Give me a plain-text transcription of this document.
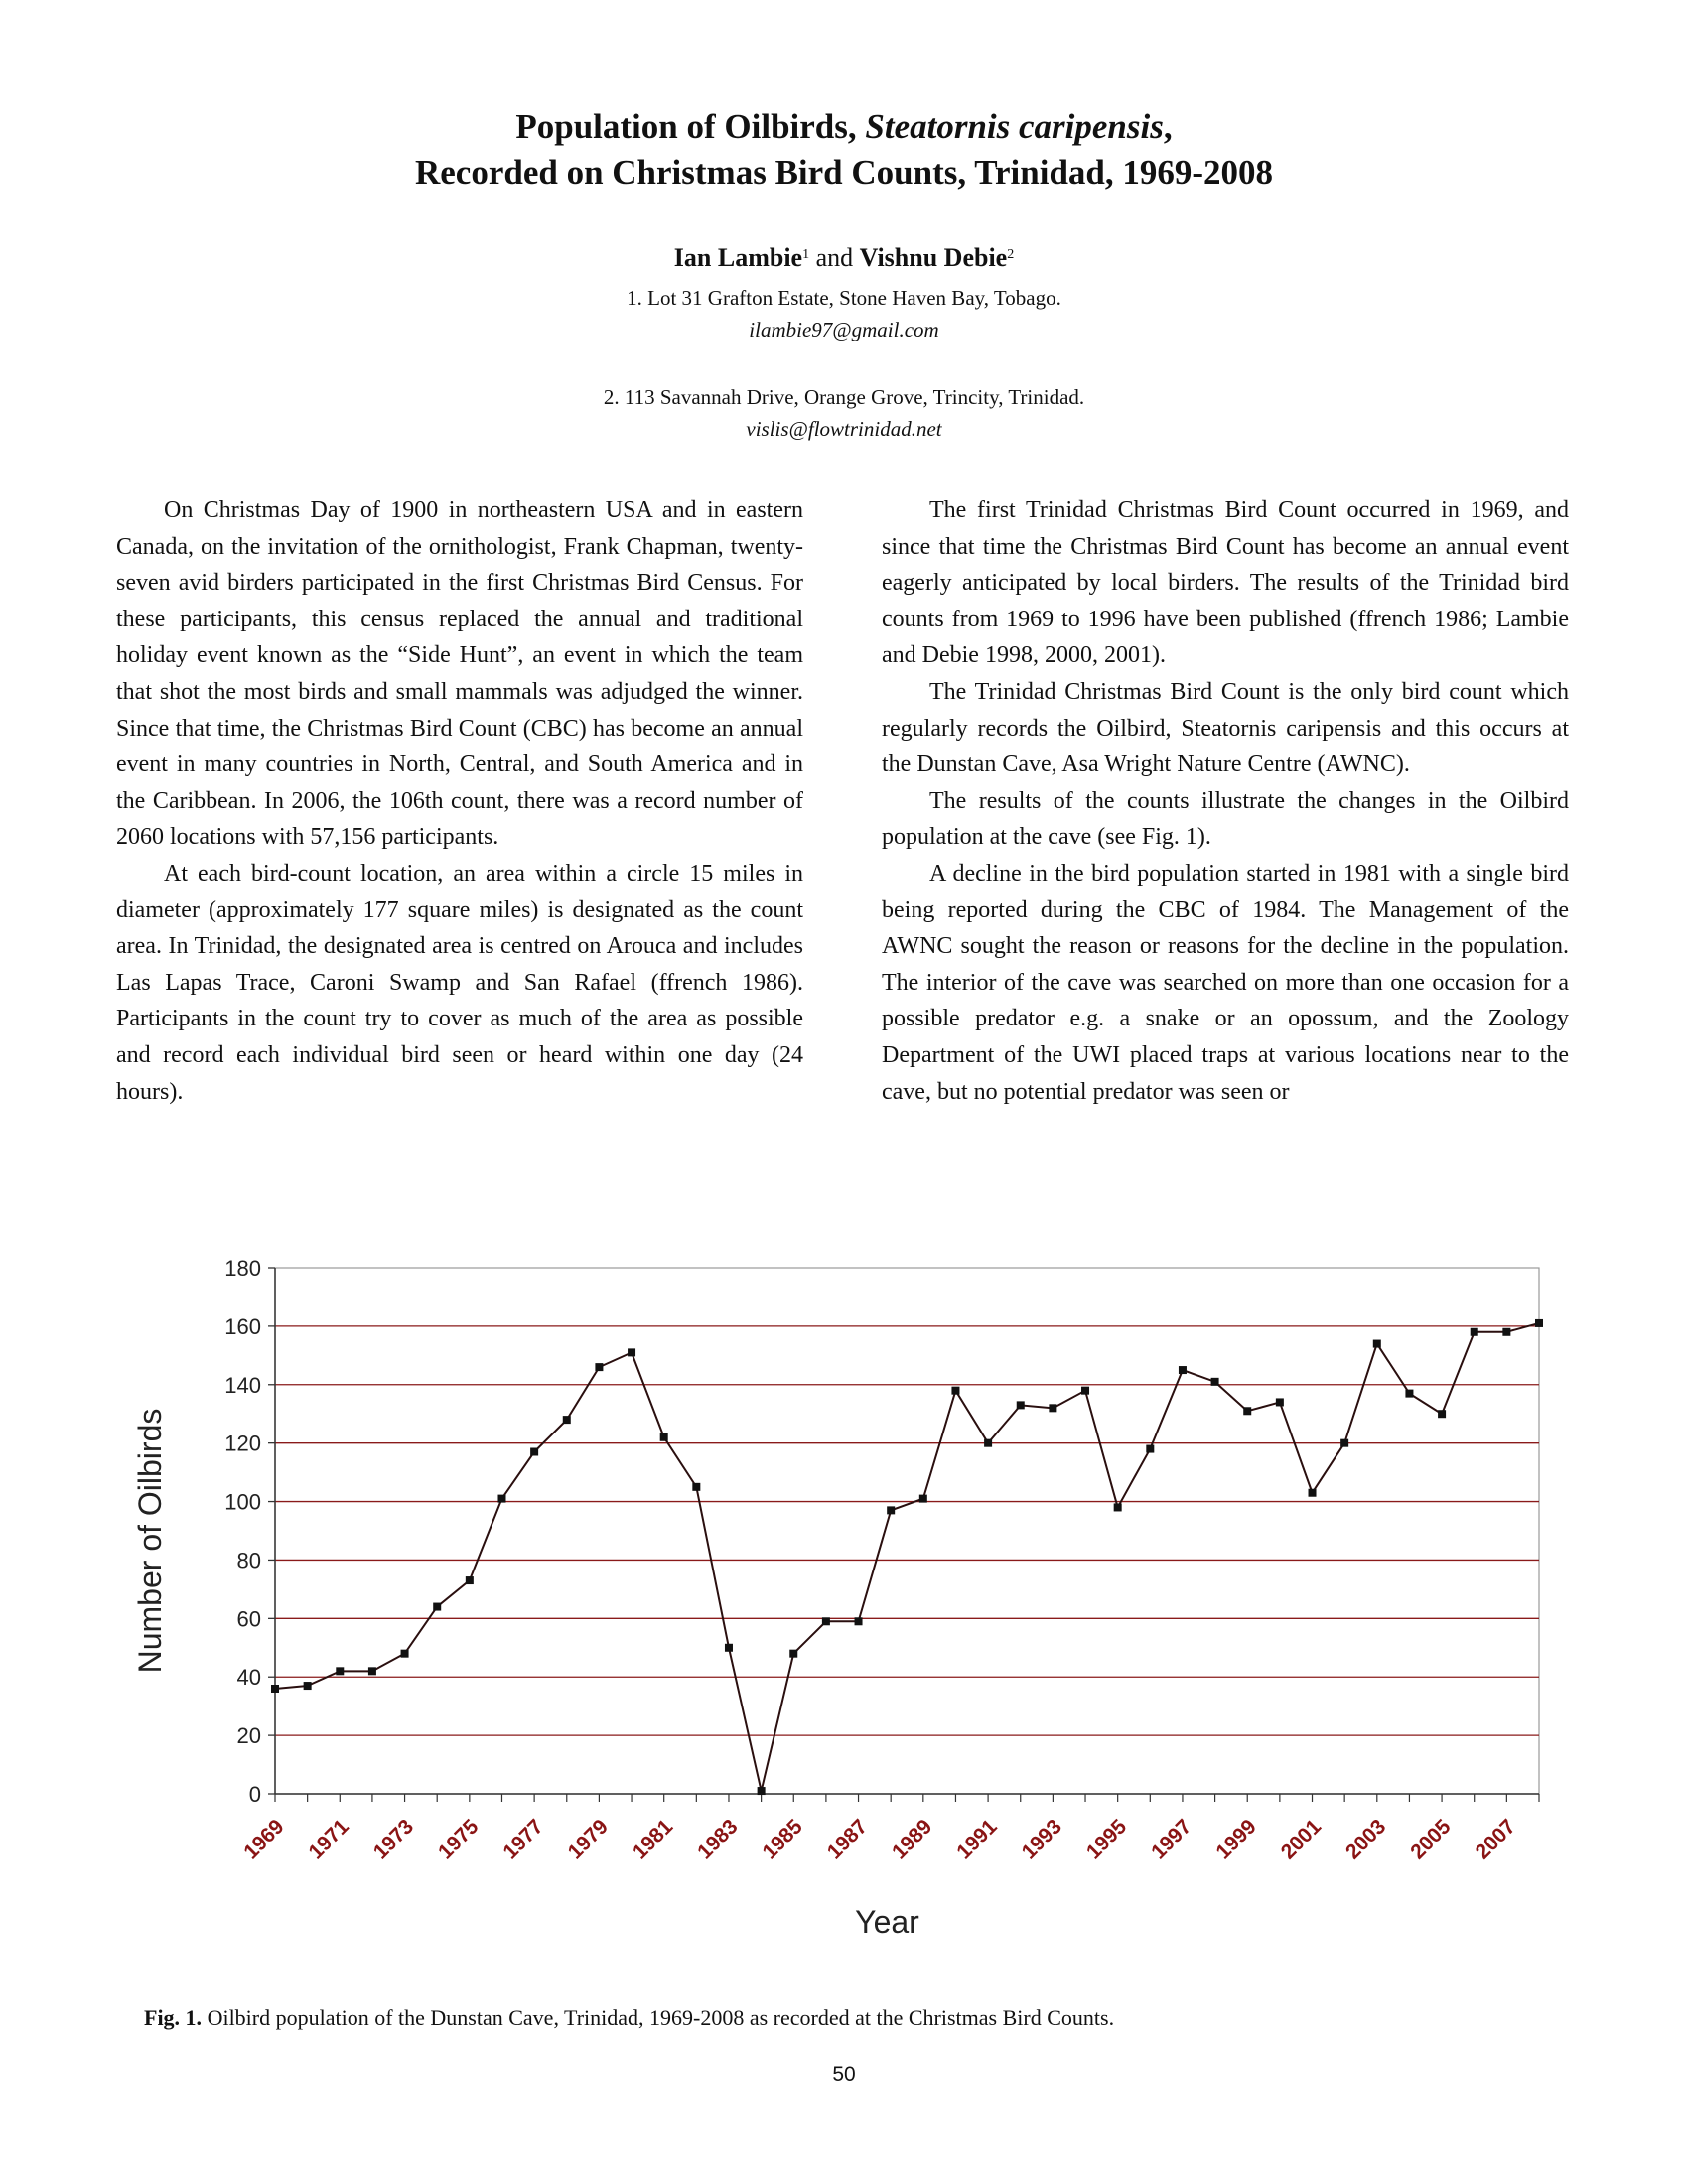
Population of Oilbirds, Steatornis caripensis,
Recorded on Christmas Bird Counts, Trinidad, 1969-2008
Ian Lambie$^1$ and Vishnu Debie$^2$
1. Lot 31 Grafton Estate, Stone Haven Bay, Tobago.
ilambie97@gmail.com
2. 113 Savannah Drive, Orange Grove, Trincity, Trinidad.
vislis@flowtrinidad.net

On Christmas Day of 1900 in northeastern USA and in eastern Canada, on the invitation of the ornithologist, Frank Chapman, twenty-seven avid birders participated in the first Christmas Bird Census. For these participants, this census replaced the annual and traditional holiday event known as the “Side Hunt”, an event in which the team that shot the most birds and small mammals was adjudged the winner. Since that time, the Christmas Bird Count (CBC) has become an annual event in many countries in North, Central, and South America and in the Caribbean. In 2006, the 106th count, there was a record number of 2060 locations with 57,156 participants.

At each bird-count location, an area within a circle 15 miles in diameter (approximately 177 square miles) is designated as the count area. In Trinidad, the designated area is centred on Arouca and includes Las Lapas Trace, Caroni Swamp and San Rafael (ffrench 1986). Participants in the count try to cover as much of the area as possible and record each individual bird seen or heard within one day (24 hours).

The first Trinidad Christmas Bird Count occurred in 1969, and since that time the Christmas Bird Count has become an annual event eagerly anticipated by local birders. The results of the Trinidad bird counts from 1969 to 1996 have been published (ffrench 1986; Lambie and Debie 1998, 2000, 2001).

The Trinidad Christmas Bird Count is the only bird count which regularly records the Oilbird, Steatornis caripensis and this occurs at the Dunstan Cave, Asa Wright Nature Centre (AWNC).

The results of the counts illustrate the changes in the Oilbird population at the cave (see Fig. 1).

A decline in the bird population started in 1981 with a single bird being reported during the CBC of 1984. The Management of the AWNC sought the reason or reasons for the decline in the population. The interior of the cave was searched on more than one occasion for a possible predator e.g. a snake or an opossum, and the Zoology Department of the UWI placed traps at various locations near to the cave, but no potential predator was seen or

0
20
40
60
80
100
120
140
160
180
1969 1971 1973 1975 1977 1979 1981 1983 1985 1987 1989 1991 1993 1995 1997 1999 2001 2003 2005 2007
Year
Number of Oilbirds
Fig. 1. Oilbird population of the Dunstan Cave, Trinidad, 1969-2008 as recorded at the Christmas Bird Counts.
50
